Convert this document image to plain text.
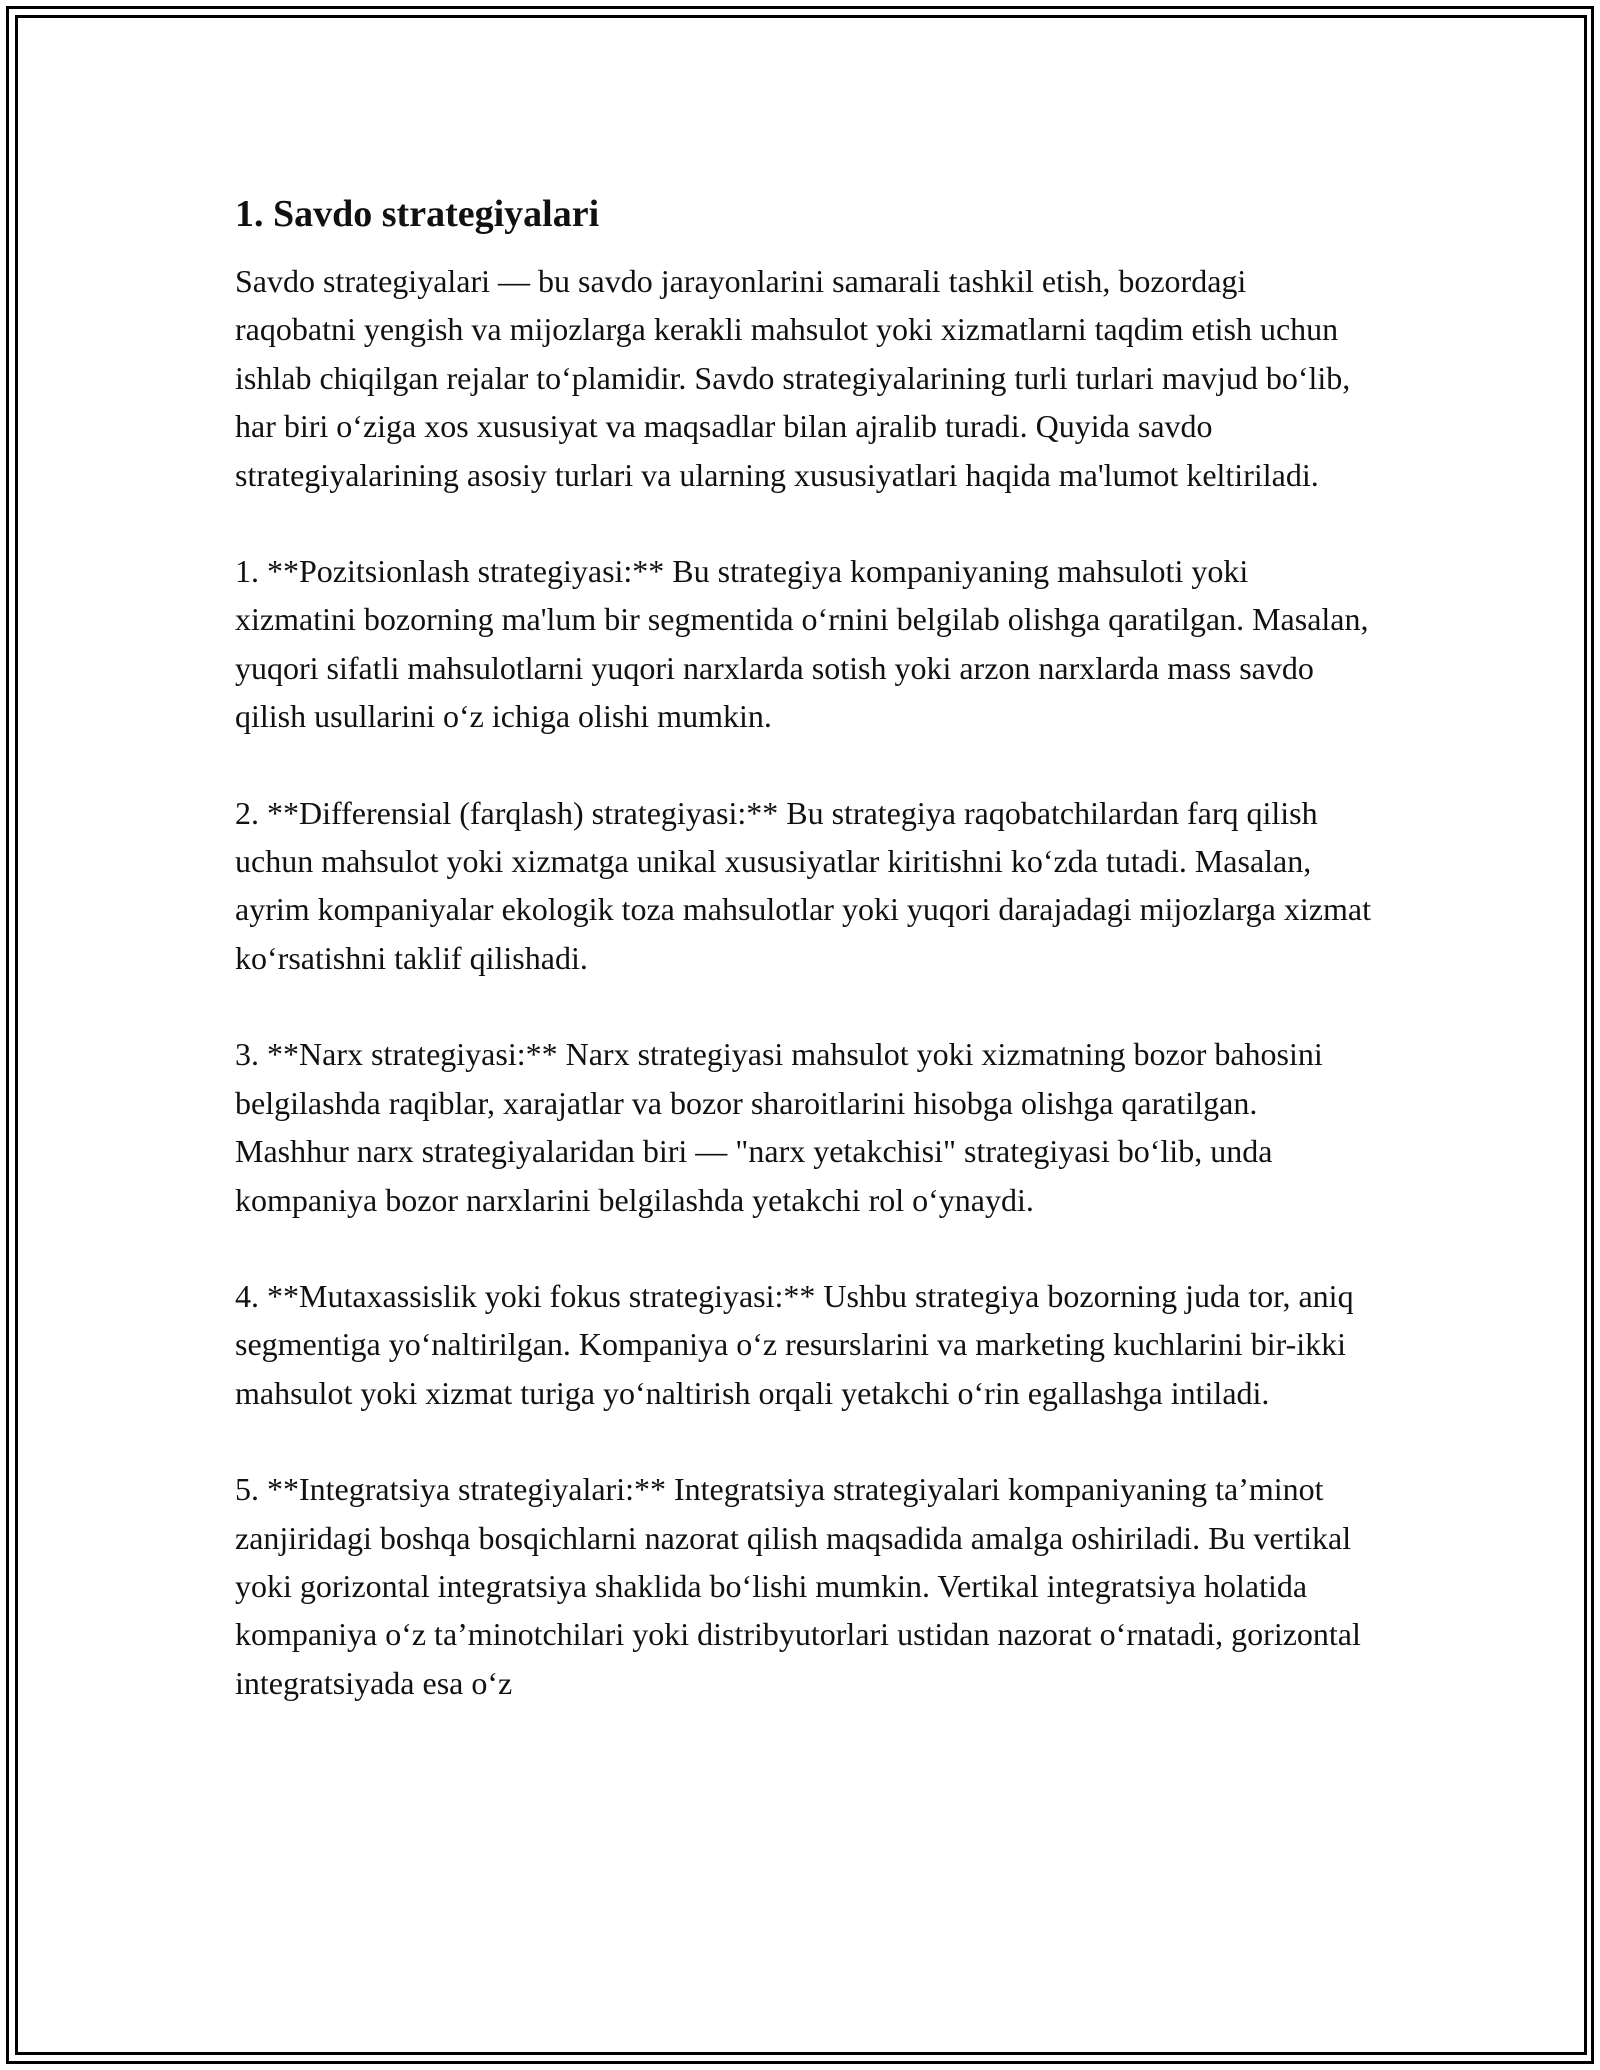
1. Savdo strategiyalari

Savdo strategiyalari — bu savdo jarayonlarini samarali tashkil etish, bozordagi raqobatni yengish va mijozlarga kerakli mahsulot yoki xizmatlarni taqdim etish uchun ishlab chiqilgan rejalar to‘plamidir. Savdo strategiyalarining turli turlari mavjud bo‘lib, har biri o‘ziga xos xususiyat va maqsadlar bilan ajralib turadi. Quyida savdo strategiyalarining asosiy turlari va ularning xususiyatlari haqida ma'lumot keltiriladi.

1. **Pozitsionlash strategiyasi:** Bu strategiya kompaniyaning mahsuloti yoki xizmatini bozorning ma'lum bir segmentida o‘rnini belgilab olishga qaratilgan. Masalan, yuqori sifatli mahsulotlarni yuqori narxlarda sotish yoki arzon narxlarda mass savdo qilish usullarini o‘z ichiga olishi mumkin.

2. **Differensial (farqlash) strategiyasi:** Bu strategiya raqobatchilardan farq qilish uchun mahsulot yoki xizmatga unikal xususiyatlar kiritishni ko‘zda tutadi. Masalan, ayrim kompaniyalar ekologik toza mahsulotlar yoki yuqori darajadagi mijozlarga xizmat ko‘rsatishni taklif qilishadi.

3. **Narx strategiyasi:** Narx strategiyasi mahsulot yoki xizmatning bozor bahosini belgilashda raqiblar, xarajatlar va bozor sharoitlarini hisobga olishga qaratilgan. Mashhur narx strategiyalaridan biri — "narx yetakchisi" strategiyasi bo‘lib, unda kompaniya bozor narxlarini belgilashda yetakchi rol o‘ynaydi.

4. **Mutaxassislik yoki fokus strategiyasi:** Ushbu strategiya bozorning juda tor, aniq segmentiga yo‘naltirilgan. Kompaniya o‘z resurslarini va marketing kuchlarini bir-ikki mahsulot yoki xizmat turiga yo‘naltirish orqali yetakchi o‘rin egallashga intiladi.

5. **Integratsiya strategiyalari:** Integratsiya strategiyalari kompaniyaning ta’minot zanjiridagi boshqa bosqichlarni nazorat qilish maqsadida amalga oshiriladi. Bu vertikal yoki gorizontal integratsiya shaklida bo‘lishi mumkin. Vertikal integratsiya holatida kompaniya o‘z ta’minotchilari yoki distribyutorlari ustidan nazorat o‘rnatadi, gorizontal integratsiyada esa o‘z
